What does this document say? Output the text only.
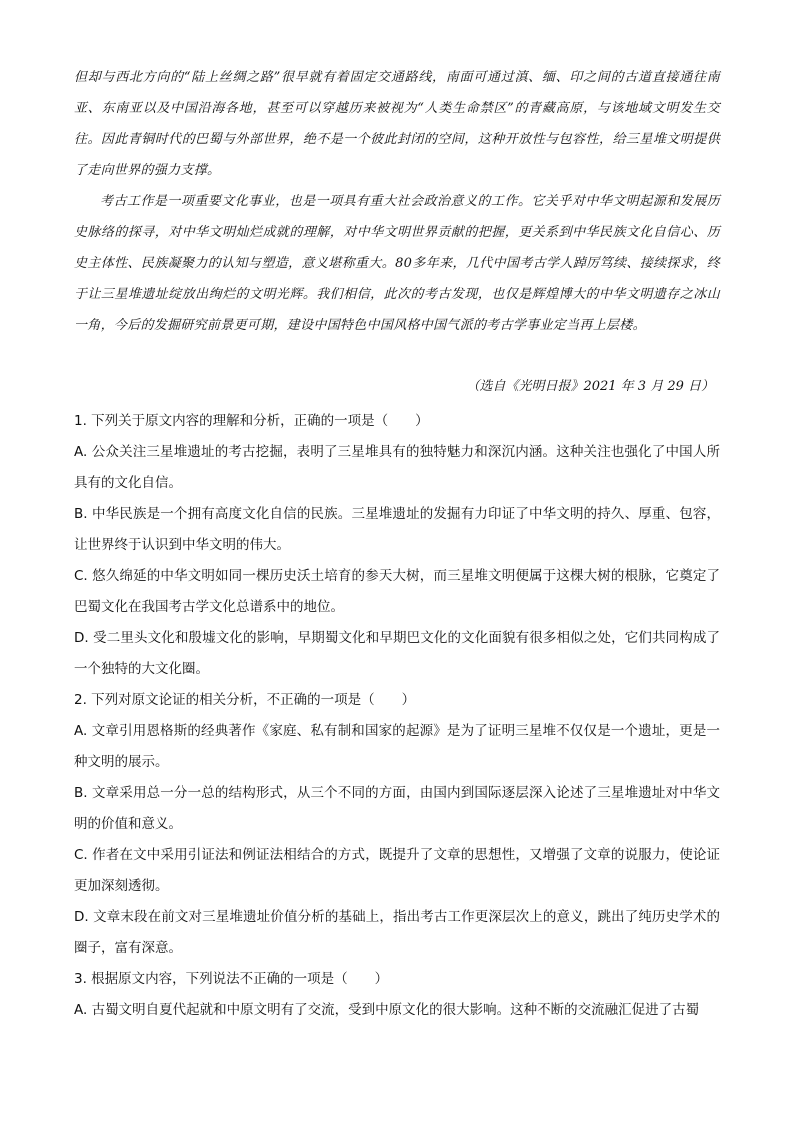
但却与西北方向的“陆上丝绸之路”很早就有着固定交通路线，南面可通过滇、缅、印之间的古道直接通往南亚、东南亚以及中国沿海各地，甚至可以穿越历来被视为“人类生命禁区”的青藏高原，与该地域文明发生交往。因此青铜时代的巴蜀与外部世界，绝不是一个彼此封闭的空间，这种开放性与包容性，给三星堆文明提供了走向世界的强力支撑。

考古工作是一项重要文化事业，也是一项具有重大社会政治意义的工作。它关乎对中华文明起源和发展历史脉络的探寻，对中华文明灿烂成就的理解，对中华文明世界贡献的把握，更关系到中华民族文化自信心、历史主体性、民族凝聚力的认知与塑造，意义堪称重大。80多年来，几代中国考古学人踔厉笃续、接续探求，终于让三星堆遗址绽放出绚烂的文明光辉。我们相信，此次的考古发现，也仅是辉煌博大的中华文明遗存之冰山一角，今后的发掘研究前景更可期，建设中国特色中国风格中国气派的考古学事业定当再上层楼。

（选自《光明日报》2021 年 3 月 29 日）

1. 下列关于原文内容的理解和分析，正确的一项是（　　）

A. 公众关注三星堆遗址的考古挖掘，表明了三星堆具有的独特魅力和深沉内涵。这种关注也强化了中国人所具有的文化自信。

B. 中华民族是一个拥有高度文化自信的民族。三星堆遗址的发掘有力印证了中华文明的持久、厚重、包容，让世界终于认识到中华文明的伟大。

C. 悠久绵延的中华文明如同一棵历史沃土培育的参天大树，而三星堆文明便属于这棵大树的根脉，它奠定了巴蜀文化在我国考古学文化总谱系中的地位。

D. 受二里头文化和殷墟文化的影响，早期蜀文化和早期巴文化的文化面貌有很多相似之处，它们共同构成了一个独特的大文化圈。

2. 下列对原文论证的相关分析，不正确的一项是（　　）

A. 文章引用恩格斯的经典著作《家庭、私有制和国家的起源》是为了证明三星堆不仅仅是一个遗址，更是一种文明的展示。

B. 文章采用总一分一总的结构形式，从三个不同的方面，由国内到国际逐层深入论述了三星堆遗址对中华文明的价值和意义。

C. 作者在文中采用引证法和例证法相结合的方式，既提升了文章的思想性，又增强了文章的说服力，使论证更加深刻透彻。

D. 文章末段在前文对三星堆遗址价值分析的基础上，指出考古工作更深层次上的意义，跳出了纯历史学术的圈子，富有深意。

3. 根据原文内容，下列说法不正确的一项是（　　）

A. 古蜀文明自夏代起就和中原文明有了交流，受到中原文化的很大影响。这种不断的交流融汇促进了古蜀
